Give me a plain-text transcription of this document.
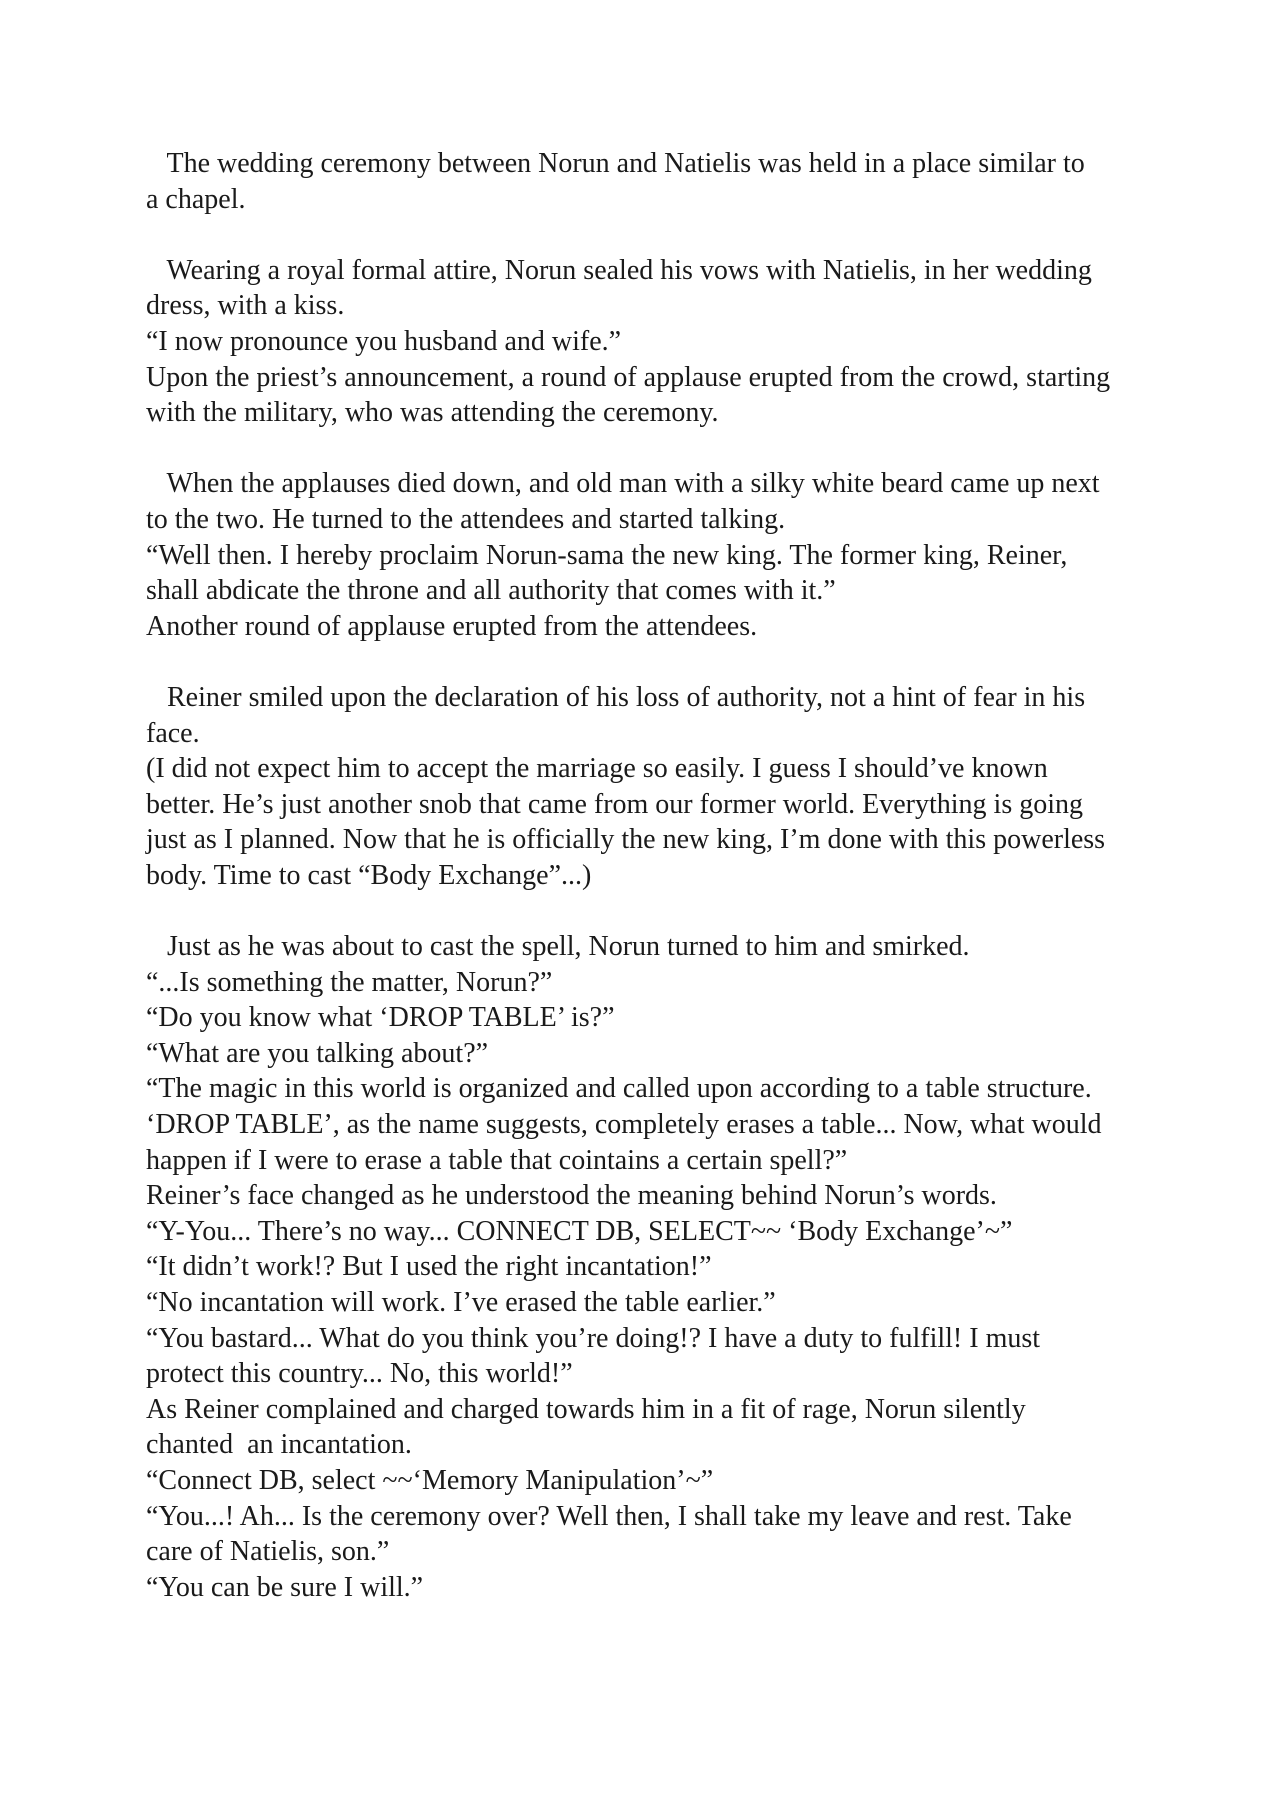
The wedding ceremony between Norun and Natielis was held in a place similar to
a chapel.
Wearing a royal formal attire, Norun sealed his vows with Natielis, in her wedding
dress, with a kiss.
“I now pronounce you husband and wife.”
Upon the priest’s announcement, a round of applause erupted from the crowd, starting
with the military, who was attending the ceremony.
When the applauses died down, and old man with a silky white beard came up next
to the two. He turned to the attendees and started talking.
“Well then. I hereby proclaim Norun-sama the new king. The former king, Reiner,
shall abdicate the throne and all authority that comes with it.”
Another round of applause erupted from the attendees.
Reiner smiled upon the declaration of his loss of authority, not a hint of fear in his
face.
(I did not expect him to accept the marriage so easily. I guess I should’ve known
better. He’s just another snob that came from our former world. Everything is going
just as I planned. Now that he is officially the new king, I’m done with this powerless
body. Time to cast “Body Exchange”...)
Just as he was about to cast the spell, Norun turned to him and smirked.
“...Is something the matter, Norun?”
“Do you know what ‘DROP TABLE’ is?”
“What are you talking about?”
“The magic in this world is organized and called upon according to a table structure.
‘DROP TABLE’, as the name suggests, completely erases a table... Now, what would
happen if I were to erase a table that cointains a certain spell?”
Reiner’s face changed as he understood the meaning behind Norun’s words.
“Y-You... There’s no way... CONNECT DB, SELECT~~ ‘Body Exchange’~”
“It didn’t work!? But I used the right incantation!”
“No incantation will work. I’ve erased the table earlier.”
“You bastard... What do you think you’re doing!? I have a duty to fulfill! I must
protect this country... No, this world!”
As Reiner complained and charged towards him in a fit of rage, Norun silently
chanted  an incantation.
“Connect DB, select ~~‘Memory Manipulation’~”
“You...! Ah... Is the ceremony over? Well then, I shall take my leave and rest. Take
care of Natielis, son.”
“You can be sure I will.”
